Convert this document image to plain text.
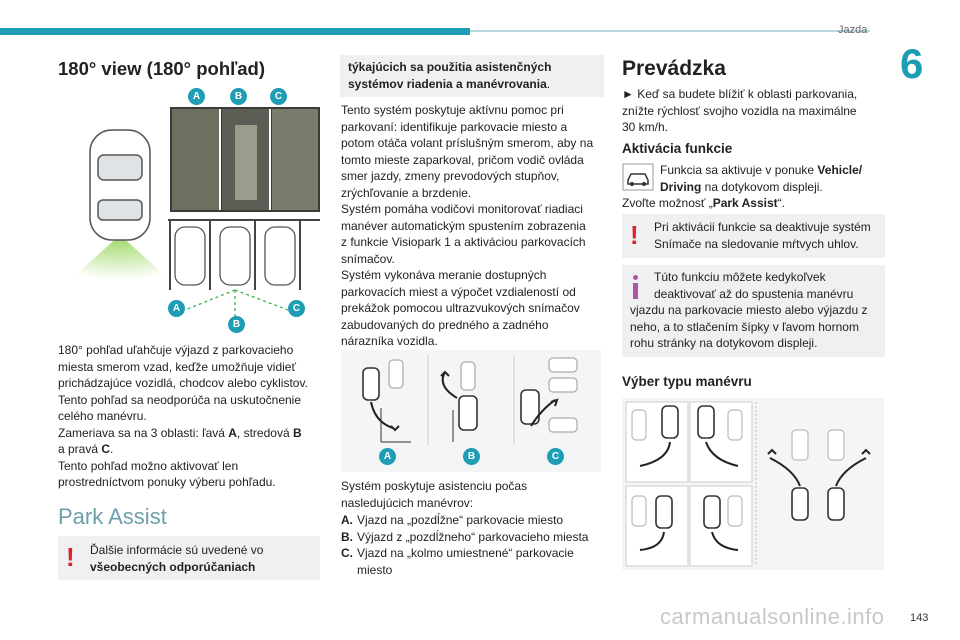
Jazda
6
180° view (180° pohľad)
A	B	C
A
B
C

180° pohľad uľahčuje výjazd z parkovacieho

miesta smerom vzad, keďže umožňuje vidieť

prichádzajúce vozidlá, chodcov alebo cyklistov.

Tento pohľad sa neodporúča na uskutočnenie

celého manévru.

Zameriava sa na 3 oblasti: ľavá A, stredová B

a pravá C.

Tento pohľad možno aktivovať len

prostredníctvom ponuky výberu pohľadu.

Park Assist
! Ďalšie informácie sú uvedené vo

všeobecných odporúčaniach

týkajúcich sa použitia asistenčných

systémov riadenia a manévrovania.

Tento systém poskytuje aktívnu pomoc pri

parkovaní: identifikuje parkovacie miesto a

potom otáča volant príslušným smerom, aby na

tomto mieste zaparkoval, pričom vodič ovláda

smer jazdy, zmeny prevodových stupňov,

zrýchľovanie a brzdenie.

Systém pomáha vodičovi monitorovať riadiaci

manéver automatickým spustením zobrazenia

z funkcie Visiopark 1 a aktiváciou parkovacích

snímačov.

Systém vykonáva meranie dostupných

parkovacích miest a výpočet vzdialeností od

prekážok pomocou ultrazvukových snímačov

zabudovaných do predného a zadného

nárazníka vozidla.

A	B	C

Systém poskytuje asistenciu počas

nasledujúcich manévrov:

A. Vjazd na „pozdĺžne“ parkovacie miesto

B. Výjazd z „pozdĺžneho“ parkovacieho miesta

C. Vjazd na „kolmo umiestnené“ parkovacie

miesto

Prevádzka

► Keď sa budete blížiť k oblasti parkovania,

znížte rýchlosť svojho vozidla na maximálne

30 km/h.

Aktivácia funkcie

Funkcia sa aktivuje v ponuke Vehicle/

Driving na dotykovom displeji.

Zvoľte možnosť „Park Assist“.

! Pri aktivácii funkcie sa deaktivuje systém

Snímače na sledovanie mŕtvych uhlov.

Túto funkciu môžete kedykoľvek

deaktivovať až do spustenia manévru

vjazdu na parkovacie miesto alebo výjazdu z

neho, a to stlačením šípky v ľavom hornom

rohu stránky na dotykovom displeji.

Výber typu manévru
carmanualsonline.info 143
